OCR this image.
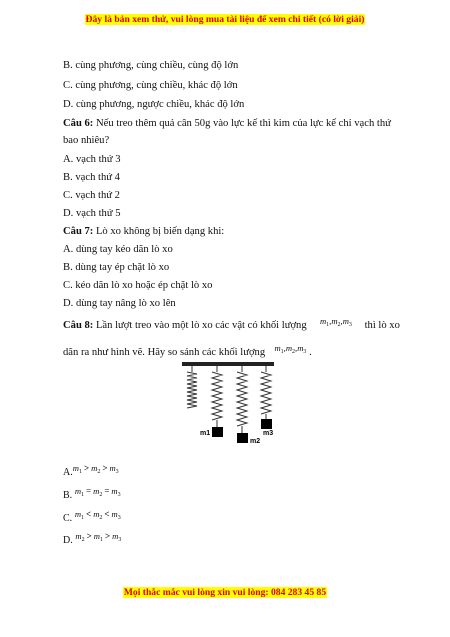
Đây là bản xem thử, vui lòng mua tài liệu để xem chi tiết (có lời giải)
B. cùng phương, cùng chiều, cùng độ lớn
C. cùng phương, cùng chiều, khác độ lớn
D. cùng phương, ngược chiều, khác độ lớn
Câu 6: Nếu treo thêm quả cân 50g vào lực kế thì kim của lực kế chỉ vạch thứ
bao nhiêu?
A. vạch thứ 3
B. vạch thứ 4
C. vạch thứ 2
D. vạch thứ 5
Câu 7: Lò xo không bị biến dạng khi:
A. dùng tay kéo dãn lò xo
B. dùng tay ép chặt lò xo
C. kéo dãn lò xo hoặc ép chặt lò xo
D. dùng tay nâng lò xo lên
Câu 8: Lần lượt treo vào một lò xo các vật có khối lượng $^{m_1,m_2,m_3}$ thì lò xo
dãn ra như hình vẽ. Hãy so sánh các khối lượng $^{m_1,m_2,m_3}$ .
m1
m2
m3
$A.m_1 > m_2 > m_3$
B. $m_1 = m_2 = m_3$
C. $m_1 < m_2 < m_3$
D. $m_2 > m_1 > m_3$
Mọi thắc mắc vui lòng xin vui lòng: 084 283 45 85
